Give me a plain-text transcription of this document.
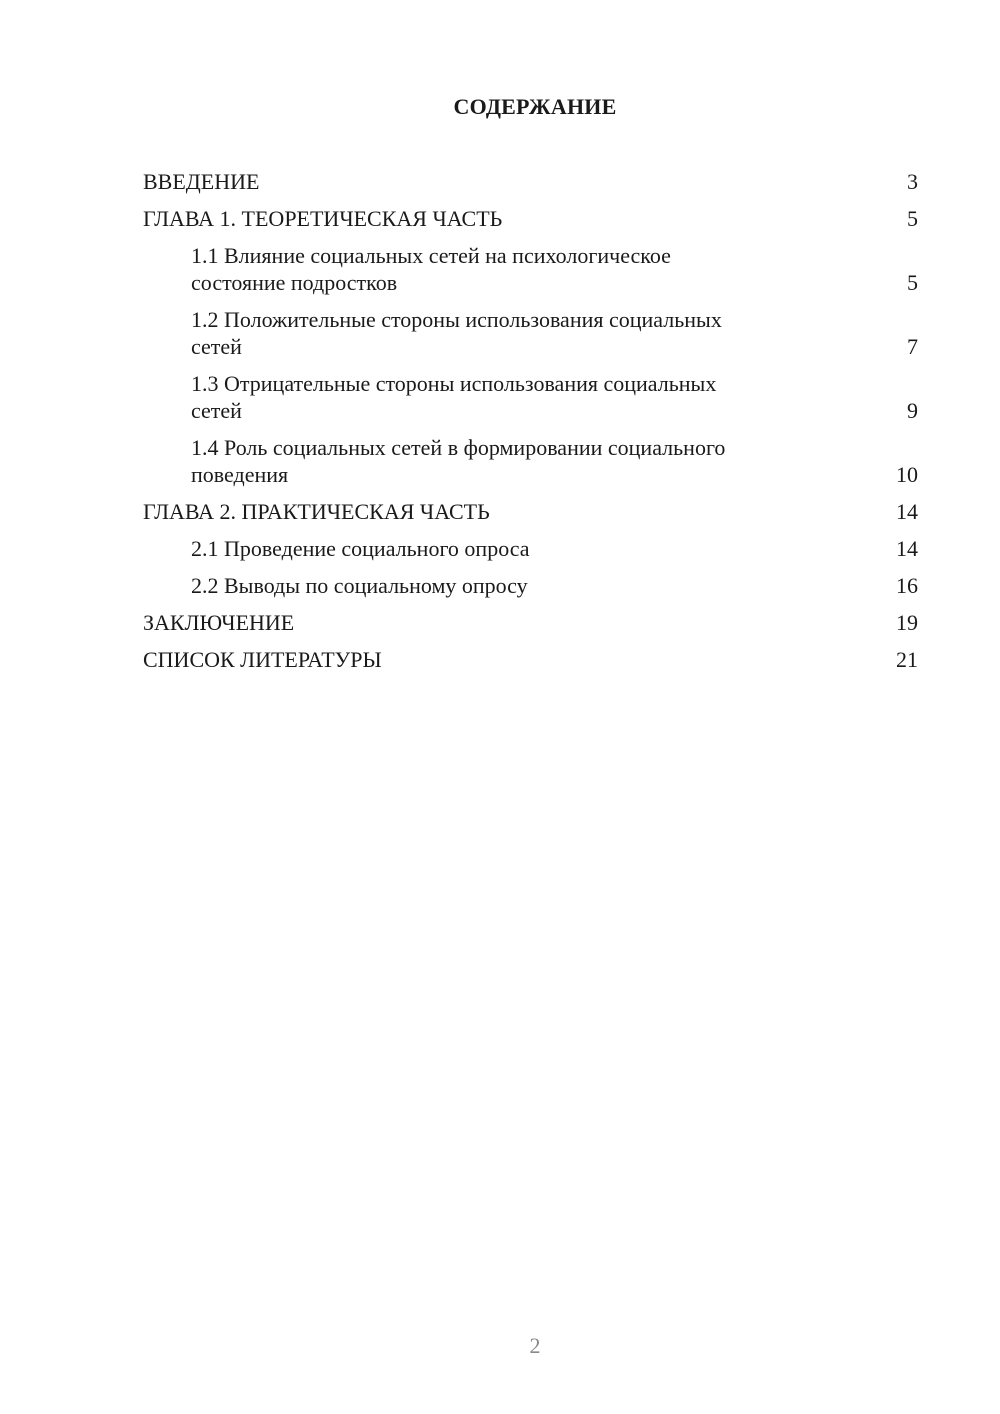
СОДЕРЖАНИЕ
ВВЕДЕНИЕ	3
ГЛАВА 1. ТЕОРЕТИЧЕСКАЯ ЧАСТЬ	5
1.1 Влияние социальных сетей на психологическое
состояние подростков	5
1.2 Положительные стороны использования социальных
сетей	7
1.3 Отрицательные стороны использования социальных
сетей	9
1.4 Роль социальных сетей в формировании социального
поведения	10
ГЛАВА 2. ПРАКТИЧЕСКАЯ ЧАСТЬ	14
2.1 Проведение социального опроса	14
2.2 Выводы по социальному опросу	16
ЗАКЛЮЧЕНИЕ	19
СПИСОК ЛИТЕРАТУРЫ	21

2
